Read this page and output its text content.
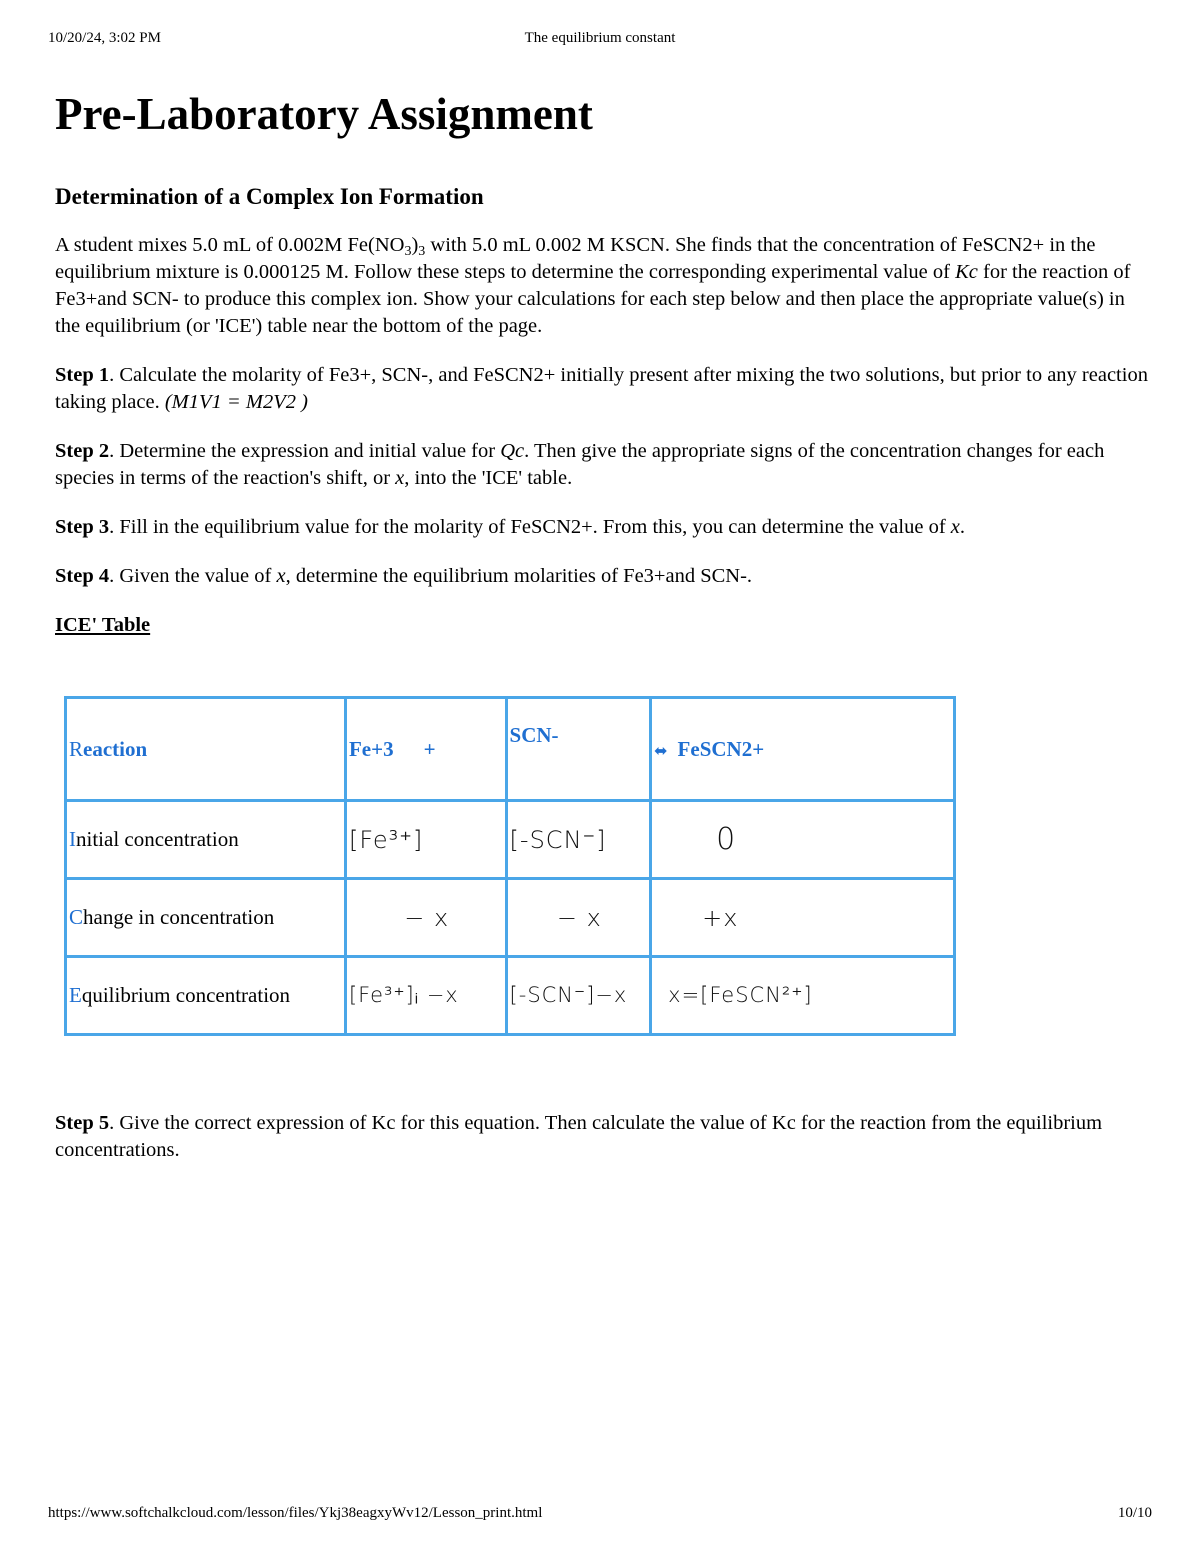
10/20/24, 3:02 PM	The equilibrium constant
Pre-Laboratory Assignment
Determination of a Complex Ion Formation

A student mixes 5.0 mL of 0.002M $Fe(NO_3)_3$ with 5.0 mL 0.002 M KSCN. She finds that the concentration of FeSCN2+ in the equilibrium mixture is 0.000125 M. Follow these steps to determine the corresponding experimental value of Kc for the reaction of Fe3+and SCN- to produce this complex ion. Show your calculations for each step below and then place the appropriate value(s) in the equilibrium (or 'ICE') table near the bottom of the page.

Step 1. Calculate the molarity of Fe3+, SCN-, and FeSCN2+ initially present after mixing the two solutions, but prior to any reaction taking place. (M1V1 = M2V2 )

Step 2. Determine the expression and initial value for Qc. Then give the appropriate signs of the concentration changes for each species in terms of the reaction's shift, or x, into the 'ICE' table.

Step 3. Fill in the equilibrium value for the molarity of FeSCN2+. From this, you can determine the value of x.

Step 4. Given the value of x, determine the equilibrium molarities of Fe3+and SCN-.

ICE' Table

Reaction	Fe+3 +	SCN-	⬌ FeSCN2+
Initial concentration	[Fe³⁺]	[-SCN⁻]	0
Change in concentration	− x	− x	+x
Equilibrium concentration	[Fe³⁺]ᵢ −x	[-SCN⁻]−x	x=[FeSCN²⁺]

Step 5. Give the correct expression of Kc for this equation. Then calculate the value of Kc for the reaction from the equilibrium concentrations.

https://www.softchalkcloud.com/lesson/files/Ykj38eagxyWv12/Lesson_print.html	10/10
